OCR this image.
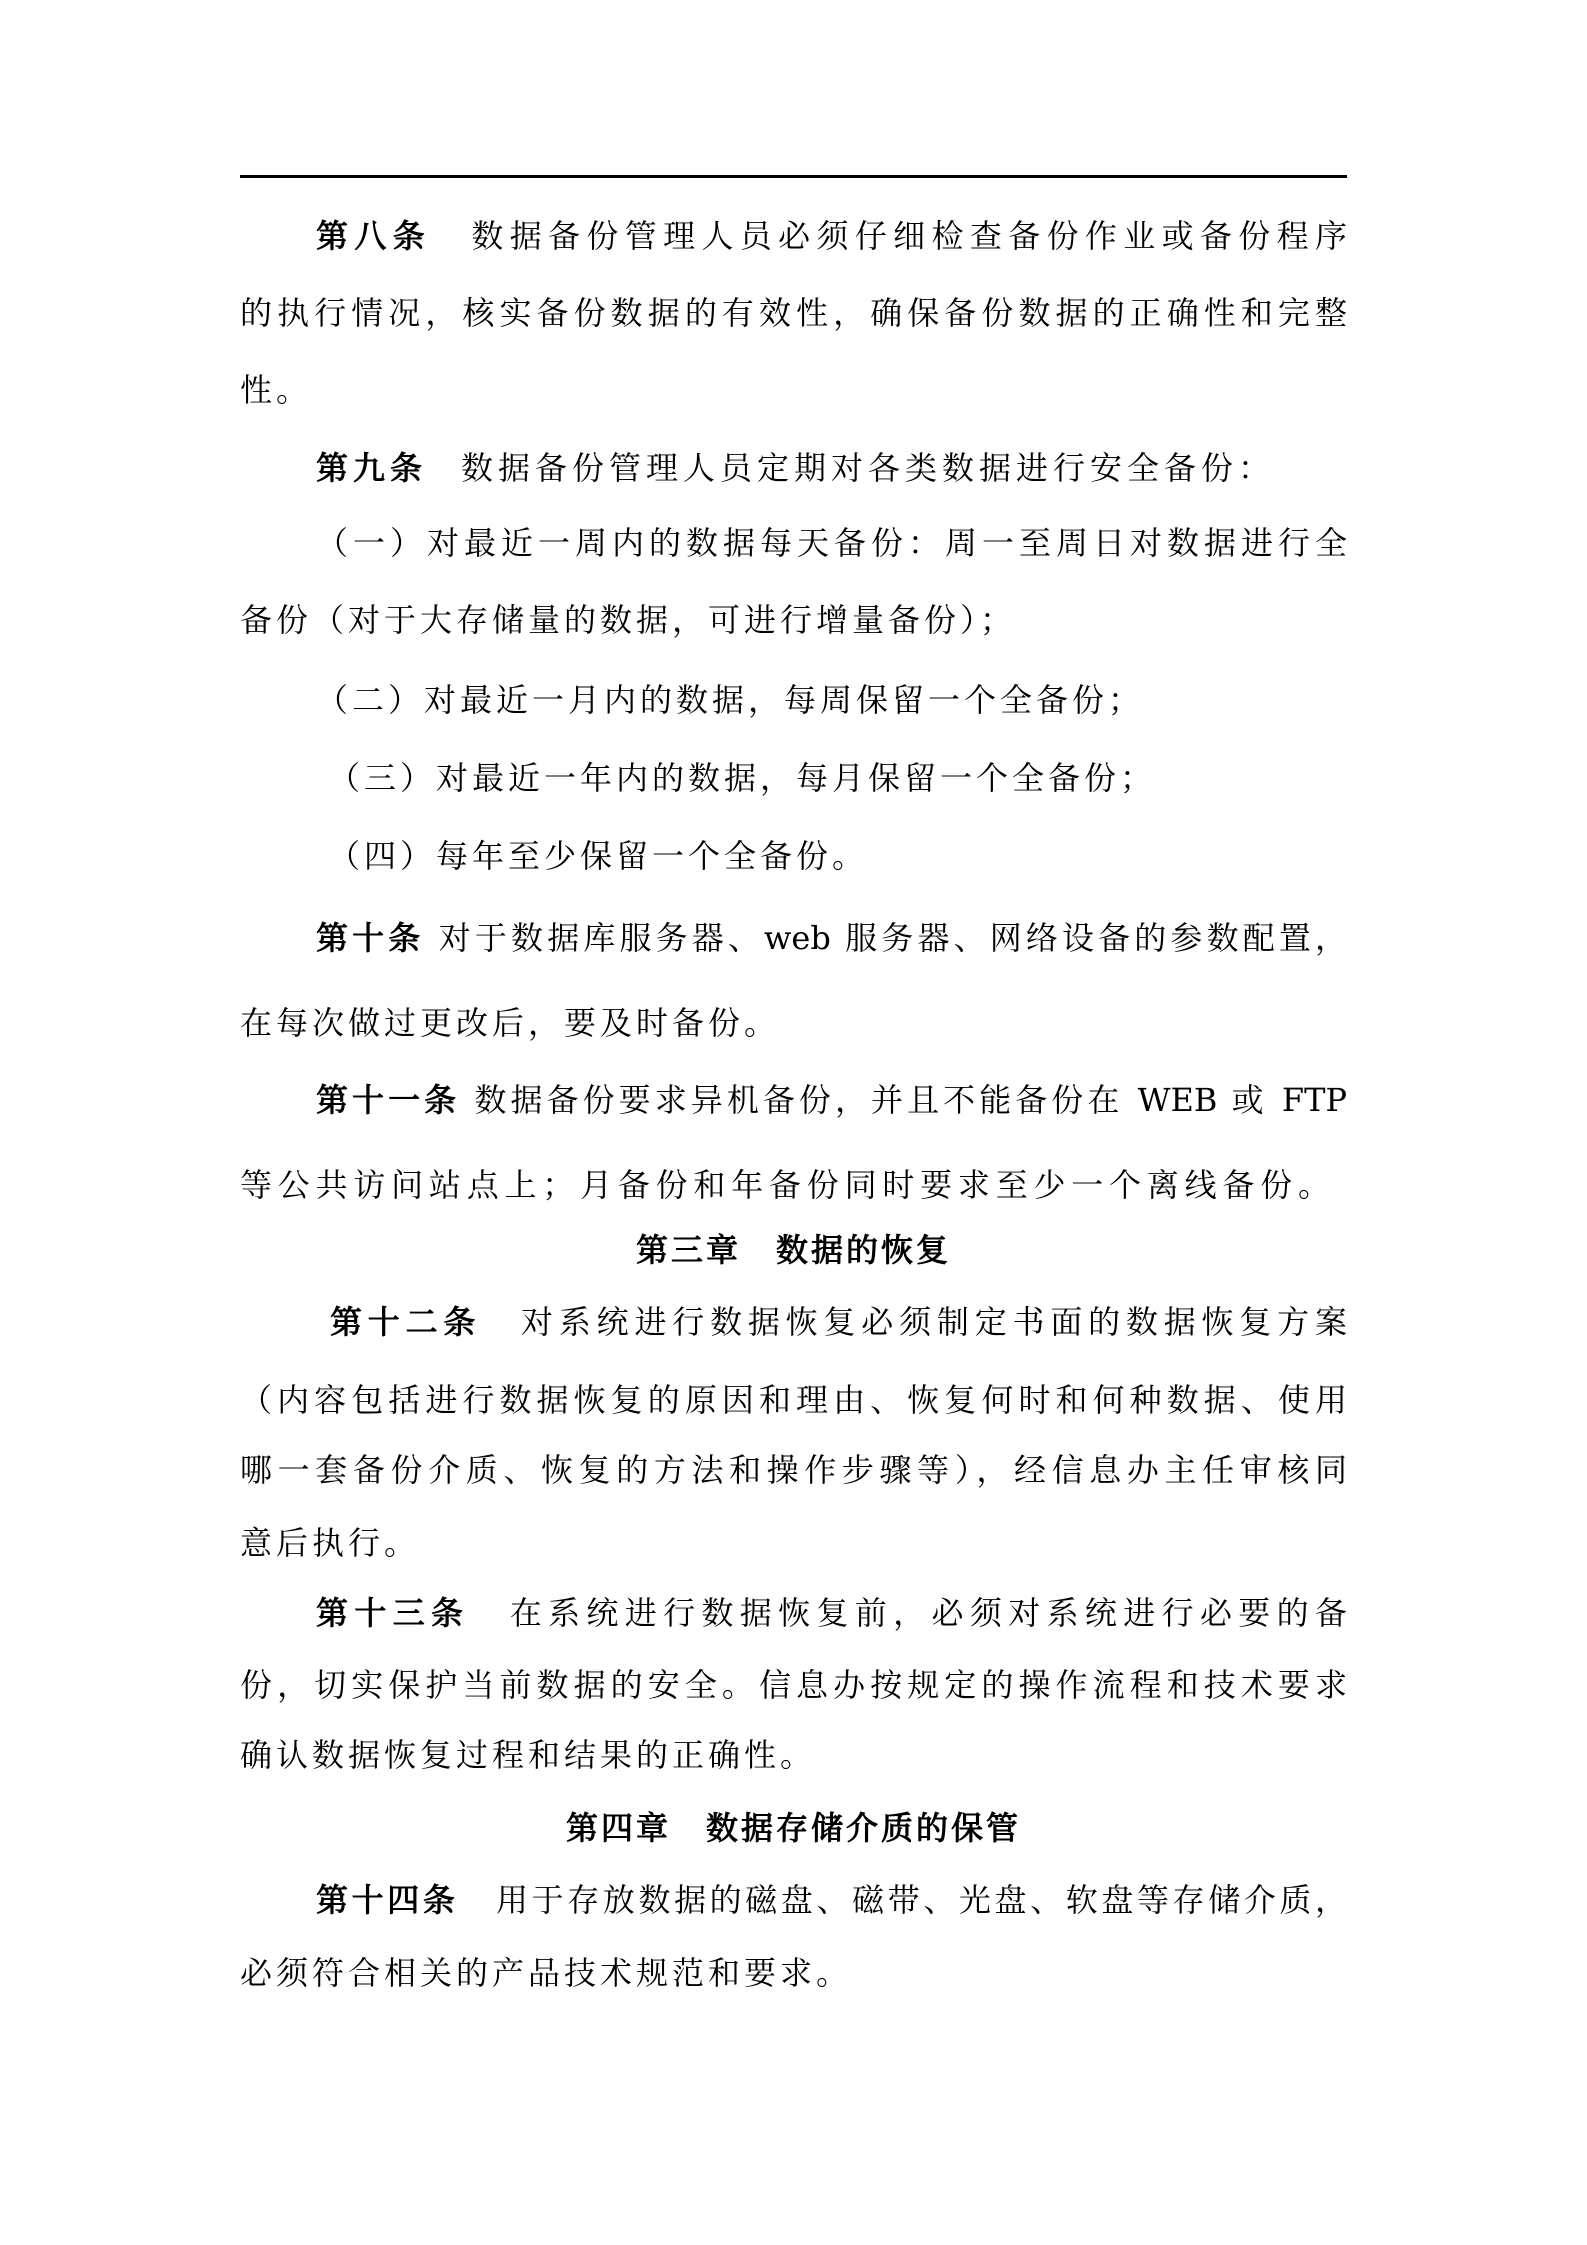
第八条 数据备份管理人员必须仔细检查备份作业或备份程序
的执行情况，核实备份数据的有效性，确保备份数据的正确性和完整
性。
第九条 数据备份管理人员定期对各类数据进行安全备份：
（一）对最近一周内的数据每天备份：周一至周日对数据进行全
备份（对于大存储量的数据，可进行增量备份）；
（二）对最近一月内的数据，每周保留一个全备份；
（三）对最近一年内的数据，每月保留一个全备份；
（四）每年至少保留一个全备份。
第十条 对于数据库服务器、web 服务器、网络设备的参数配置，
在每次做过更改后，要及时备份。
第十一条 数据备份要求异机备份，并且不能备份在 WEB 或 FTP
等公共访问站点上；月备份和年备份同时要求至少一个离线备份。
第三章　数据的恢复
第十二条 对系统进行数据恢复必须制定书面的数据恢复方案
（内容包括进行数据恢复的原因和理由、恢复何时和何种数据、使用
哪一套备份介质、恢复的方法和操作步骤等），经信息办主任审核同
意后执行。
第十三条 在系统进行数据恢复前，必须对系统进行必要的备
份，切实保护当前数据的安全。信息办按规定的操作流程和技术要求
确认数据恢复过程和结果的正确性。
第四章　数据存储介质的保管
第十四条 用于存放数据的磁盘、磁带、光盘、软盘等存储介质，
必须符合相关的产品技术规范和要求。
